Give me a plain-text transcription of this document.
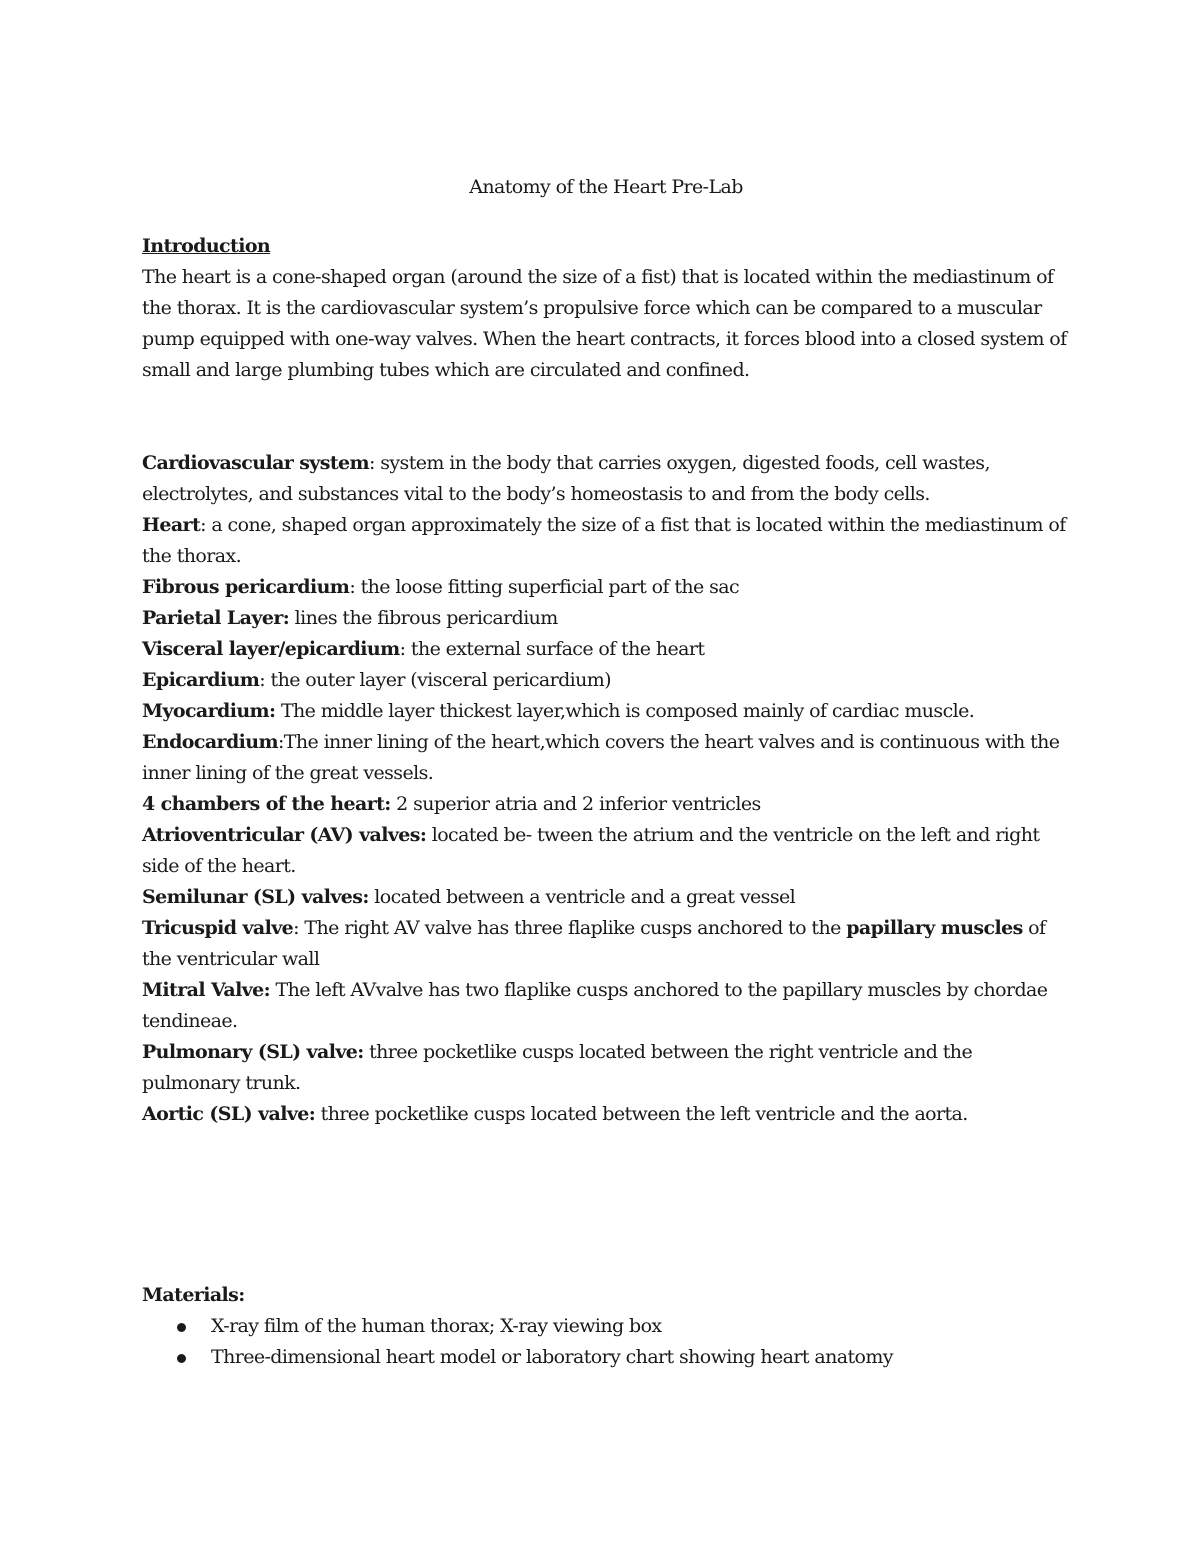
Anatomy of the Heart Pre-Lab
Introduction

The heart is a cone-shaped organ (around the size of a fist) that is located within the mediastinum of the thorax. It is the cardiovascular system’s propulsive force which can be compared to a muscular pump equipped with one-way valves. When the heart contracts, it forces blood into a closed system of small and large plumbing tubes which are circulated and confined.

Cardiovascular system: system in the body that carries oxygen, digested foods, cell wastes, electrolytes, and substances vital to the body’s homeostasis to and from the body cells.
Heart: a cone, shaped organ approximately the size of a fist that is located within the mediastinum of the thorax.
Fibrous pericardium: the loose fitting superficial part of the sac
Parietal Layer: lines the fibrous pericardium
Visceral layer/epicardium: the external surface of the heart
Epicardium: the outer layer (visceral pericardium)
Myocardium: The middle layer thickest layer,which is composed mainly of cardiac muscle.
Endocardium:The inner lining of the heart,which covers the heart valves and is continuous with the inner lining of the great vessels.
4 chambers of the heart: 2 superior atria and 2 inferior ventricles
Atrioventricular (AV) valves: located be- tween the atrium and the ventricle on the left and right side of the heart.
Semilunar (SL) valves: located between a ventricle and a great vessel
Tricuspid valve: The right AV valve has three flaplike cusps anchored to the papillary muscles of the ventricular wall
Mitral Valve: The left AVvalve has two flaplike cusps anchored to the papillary muscles by chordae tendineae.
Pulmonary (SL) valve: three pocketlike cusps located between the right ventricle and the pulmonary trunk.
Aortic (SL) valve: three pocketlike cusps located between the left ventricle and the aorta.
Materials:
X-ray film of the human thorax; X-ray viewing box
Three-dimensional heart model or laboratory chart showing heart anatomy
